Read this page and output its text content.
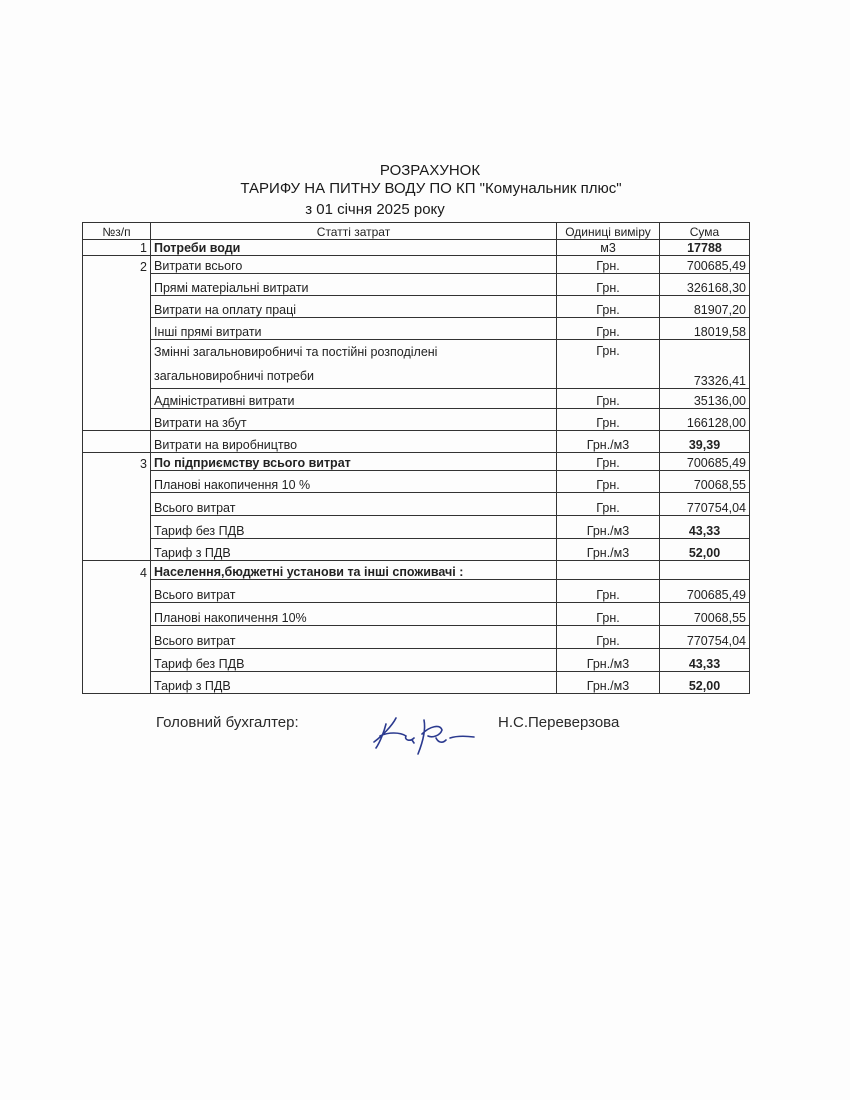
РОЗРАХУНОК
ТАРИФУ НА ПИТНУ ВОДУ ПО КП "Комунальник плюс"
з 01 січня 2025 року
№з/п	Статті затрат	Одиниці виміру	Сума
1	Потреби води	м3	17788
2	Витрати всього	Грн.	700685,49
	Прямі матеріальні витрати	Грн.	326168,30
	Витрати на оплату праці	Грн.	81907,20
	Інші прямі витрати	Грн.	18019,58

	Змінні загальновиробничі та постійні розподілені
загальновиробничі потреби	Грн.	73326,41
	Адміністративні витрати	Грн.	35136,00
	Витрати на збут	Грн.	166128,00
	Витрати на виробництво	Грн./м3	39,39
3	По підприємству всього витрат	Грн.	700685,49
	Планові накопичення 10 %	Грн.	70068,55
	Всього витрат	Грн.	770754,04
	Тариф без ПДВ	Грн./м3	43,33
	Тариф з ПДВ	Грн./м3	52,00
4	Населення,бюджетні установи та інші споживачі :		
	Всього витрат	Грн.	700685,49
	Планові накопичення 10%	Грн.	70068,55
	Всього витрат	Грн.	770754,04
	Тариф без ПДВ	Грн./м3	43,33
	Тариф з ПДВ	Грн./м3	52,00
Головний бухгалтер:	Н.С.Переверзова
